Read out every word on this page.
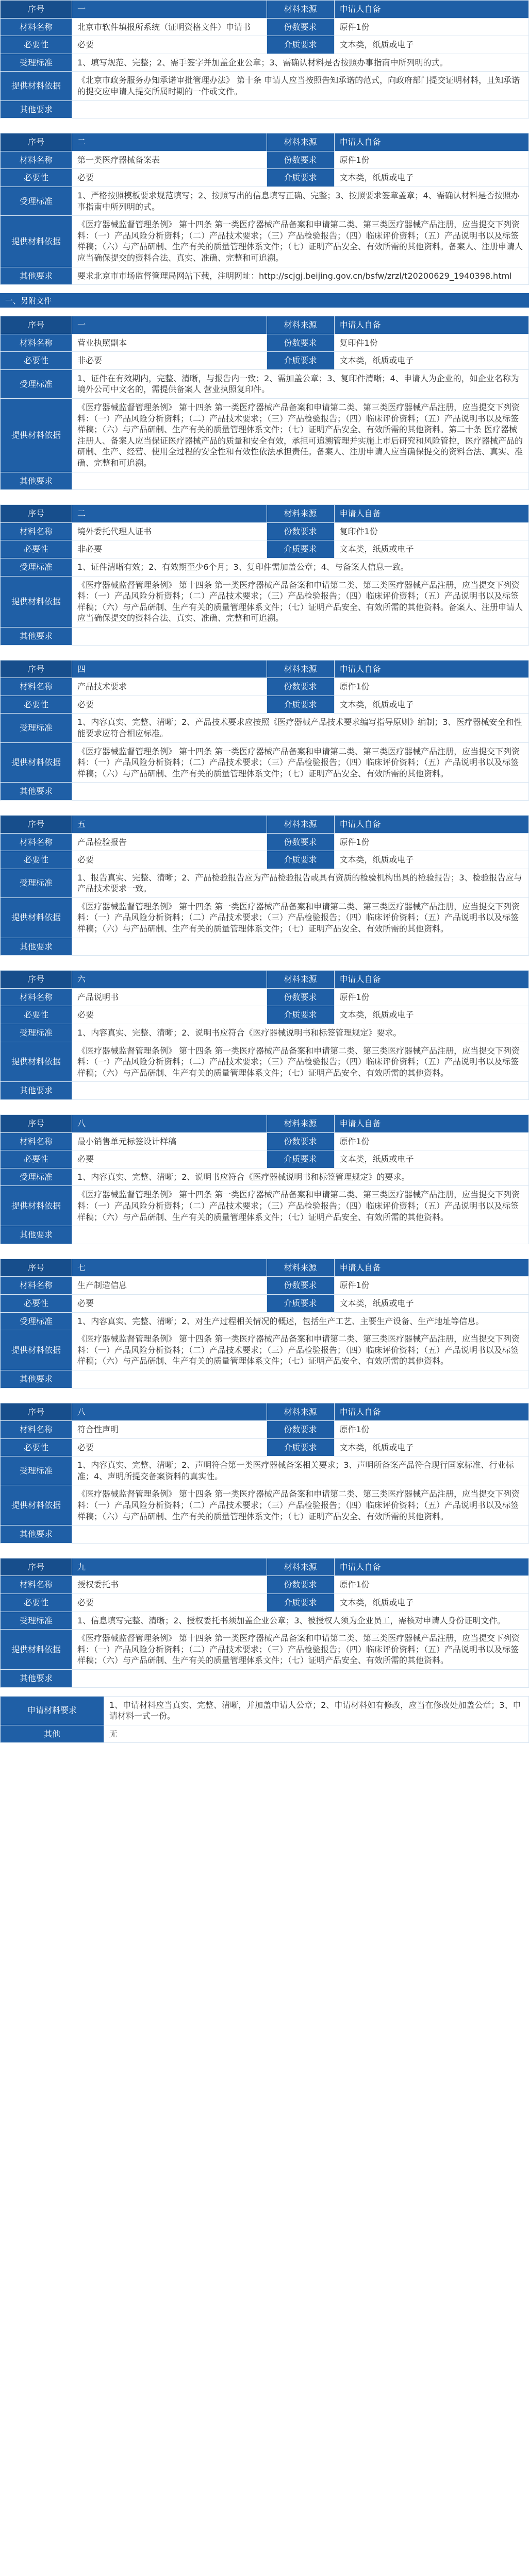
序号	一	材料来源	申请人自备
材料名称	北京市软件填报所系统（证明资格文件）申请书	份数要求	原件1份
必要性	必要	介质要求	文本类，纸质或电子
受理标准	1、填写规范、完整；2、需手签字并加盖企业公章；3、需确认材料是否按照办事指南中所列明的式。		
提供材料依据	《北京市政务服务办知承诺审批管理办法》 第十条 申请人应当按照告知承诺的范式，向政府部门提交证明材料，且知承诺的提交应申请人提交所属时期的一件或文件。		
其他要求			
序号	二	材料来源	申请人自备
材料名称	第一类医疗器械备案表	份数要求	原件1份
必要性	必要	介质要求	文本类，纸质或电子
受理标准	1、严格按照模板要求规范填写；2、按照写出的信息填写正确、完整；3、按照要求签章盖章；4、需确认材料是否按照办事指南中所列明的式。		
提供材料依据	《医疗器械监督管理条例》 第十四条 第一类医疗器械产品备案和申请第二类、第三类医疗器械产品注册，应当提交下列资料：（一）产品风险分析资料；（二）产品技术要求；（三）产品检验报告；（四）临床评价资料；（五）产品说明书以及标签样稿；（六）与产品研制、生产有关的质量管理体系文件；（七）证明产品安全、有效所需的其他资料。备案人、注册申请人应当确保提交的资料合法、真实、准确、完整和可追溯。		
其他要求	要求北京市市场监督管理局网站下载，注明网址：http://scjgj.beijing.gov.cn/bsfw/zrzl/t20200629_1940398.html		
一、另附文件
序号	一	材料来源	申请人自备
材料名称	营业执照副本	份数要求	复印件1份
必要性	非必要	介质要求	文本类，纸质或电子
受理标准	1、证件在有效期内，完整、清晰，与报告内一致；2、需加盖公章；3、复印件清晰；4、申请人为企业的，如企业名称为境外公司中文名的，需提供备案人 营业执照复印件。		
提供材料依据	《医疗器械监督管理条例》 第十四条 第一类医疗器械产品备案和申请第二类、第三类医疗器械产品注册，应当提交下列资料：（一）产品风险分析资料；（二）产品技术要求；（三）产品检验报告；（四）临床评价资料；（五）产品说明书以及标签样稿；（六）与产品研制、生产有关的质量管理体系文件；（七）证明产品安全、有效所需的其他资料。第二十条 医疗器械注册人、备案人应当保证医疗器械产品的质量和安全有效，承担可追溯管理并实施上市后研究和风险管控，医疗器械产品的研制、生产、经营、使用全过程的安全性和有效性依法承担责任。备案人、注册申请人应当确保提交的资料合法、真实、准确、完整和可追溯。		
其他要求			
序号	二	材料来源	申请人自备
材料名称	境外委托代理人证书	份数要求	复印件1份
必要性	非必要	介质要求	文本类，纸质或电子
受理标准	1、证件清晰有效；2、有效期至少6个月；3、复印件需加盖公章；4、与备案人信息一致。		
提供材料依据	《医疗器械监督管理条例》 第十四条 第一类医疗器械产品备案和申请第二类、第三类医疗器械产品注册，应当提交下列资料：（一）产品风险分析资料；（二）产品技术要求；（三）产品检验报告；（四）临床评价资料；（五）产品说明书以及标签样稿；（六）与产品研制、生产有关的质量管理体系文件；（七）证明产品安全、有效所需的其他资料。备案人、注册申请人应当确保提交的资料合法、真实、准确、完整和可追溯。		
其他要求			
序号	四	材料来源	申请人自备
材料名称	产品技术要求	份数要求	原件1份
必要性	必要	介质要求	文本类，纸质或电子
受理标准	1、内容真实、完整、清晰；2、产品技术要求应按照《医疗器械产品技术要求编写指导原则》编制；3、医疗器械安全和性能要求应符合相应标准。		
提供材料依据	《医疗器械监督管理条例》 第十四条 第一类医疗器械产品备案和申请第二类、第三类医疗器械产品注册，应当提交下列资料：（一）产品风险分析资料；（二）产品技术要求；（三）产品检验报告；（四）临床评价资料；（五）产品说明书以及标签样稿；（六）与产品研制、生产有关的质量管理体系文件；（七）证明产品安全、有效所需的其他资料。		
其他要求			
序号	五	材料来源	申请人自备
材料名称	产品检验报告	份数要求	原件1份
必要性	必要	介质要求	文本类，纸质或电子
受理标准	1、报告真实、完整、清晰；2、产品检验报告应为产品检验报告或具有资质的检验机构出具的检验报告；3、检验报告应与产品技术要求一致。		
提供材料依据	《医疗器械监督管理条例》 第十四条 第一类医疗器械产品备案和申请第二类、第三类医疗器械产品注册，应当提交下列资料：（一）产品风险分析资料；（二）产品技术要求；（三）产品检验报告；（四）临床评价资料；（五）产品说明书以及标签样稿；（六）与产品研制、生产有关的质量管理体系文件；（七）证明产品安全、有效所需的其他资料。		
其他要求			
序号	六	材料来源	申请人自备
材料名称	产品说明书	份数要求	原件1份
必要性	必要	介质要求	文本类，纸质或电子
受理标准	1、内容真实、完整、清晰；2、说明书应符合《医疗器械说明书和标签管理规定》要求。		
提供材料依据	《医疗器械监督管理条例》 第十四条 第一类医疗器械产品备案和申请第二类、第三类医疗器械产品注册，应当提交下列资料：（一）产品风险分析资料；（二）产品技术要求；（三）产品检验报告；（四）临床评价资料；（五）产品说明书以及标签样稿；（六）与产品研制、生产有关的质量管理体系文件；（七）证明产品安全、有效所需的其他资料。		
其他要求			
序号	八	材料来源	申请人自备
材料名称	最小销售单元标签设计样稿	份数要求	原件1份
必要性	必要	介质要求	文本类，纸质或电子
受理标准	1、内容真实、完整、清晰；2、说明书应符合《医疗器械说明书和标签管理规定》的要求。		
提供材料依据	《医疗器械监督管理条例》 第十四条 第一类医疗器械产品备案和申请第二类、第三类医疗器械产品注册，应当提交下列资料：（一）产品风险分析资料；（二）产品技术要求；（三）产品检验报告；（四）临床评价资料；（五）产品说明书以及标签样稿；（六）与产品研制、生产有关的质量管理体系文件；（七）证明产品安全、有效所需的其他资料。		
其他要求			
序号	七	材料来源	申请人自备
材料名称	生产制造信息	份数要求	原件1份
必要性	必要	介质要求	文本类，纸质或电子
受理标准	1、内容真实、完整、清晰；2、对生产过程相关情况的概述，包括生产工艺、主要生产设备、生产地址等信息。		
提供材料依据	《医疗器械监督管理条例》 第十四条 第一类医疗器械产品备案和申请第二类、第三类医疗器械产品注册，应当提交下列资料：（一）产品风险分析资料；（二）产品技术要求；（三）产品检验报告；（四）临床评价资料；（五）产品说明书以及标签样稿；（六）与产品研制、生产有关的质量管理体系文件；（七）证明产品安全、有效所需的其他资料。		
其他要求			
序号	八	材料来源	申请人自备
材料名称	符合性声明	份数要求	原件1份
必要性	必要	介质要求	文本类，纸质或电子
受理标准	1、内容真实、完整、清晰；2、声明符合第一类医疗器械备案相关要求；3、声明所备案产品符合现行国家标准、行业标准；4、声明所提交备案资料的真实性。		
提供材料依据	《医疗器械监督管理条例》 第十四条 第一类医疗器械产品备案和申请第二类、第三类医疗器械产品注册，应当提交下列资料：（一）产品风险分析资料；（二）产品技术要求；（三）产品检验报告；（四）临床评价资料；（五）产品说明书以及标签样稿；（六）与产品研制、生产有关的质量管理体系文件；（七）证明产品安全、有效所需的其他资料。		
其他要求			
序号	九	材料来源	申请人自备
材料名称	授权委托书	份数要求	原件1份
必要性	必要	介质要求	文本类，纸质或电子
受理标准	1、信息填写完整、清晰；2、授权委托书须加盖企业公章；3、被授权人须为企业员工，需核对申请人身份证明文件。		
提供材料依据	《医疗器械监督管理条例》 第十四条 第一类医疗器械产品备案和申请第二类、第三类医疗器械产品注册，应当提交下列资料：（一）产品风险分析资料；（二）产品技术要求；（三）产品检验报告；（四）临床评价资料；（五）产品说明书以及标签样稿；（六）与产品研制、生产有关的质量管理体系文件；（七）证明产品安全、有效所需的其他资料。		
其他要求			
申请材料要求	1、申请材料应当真实、完整、清晰，并加盖申请人公章；2、申请材料如有修改，应当在修改处加盖公章；3、申请材料一式一份。
其他	无
